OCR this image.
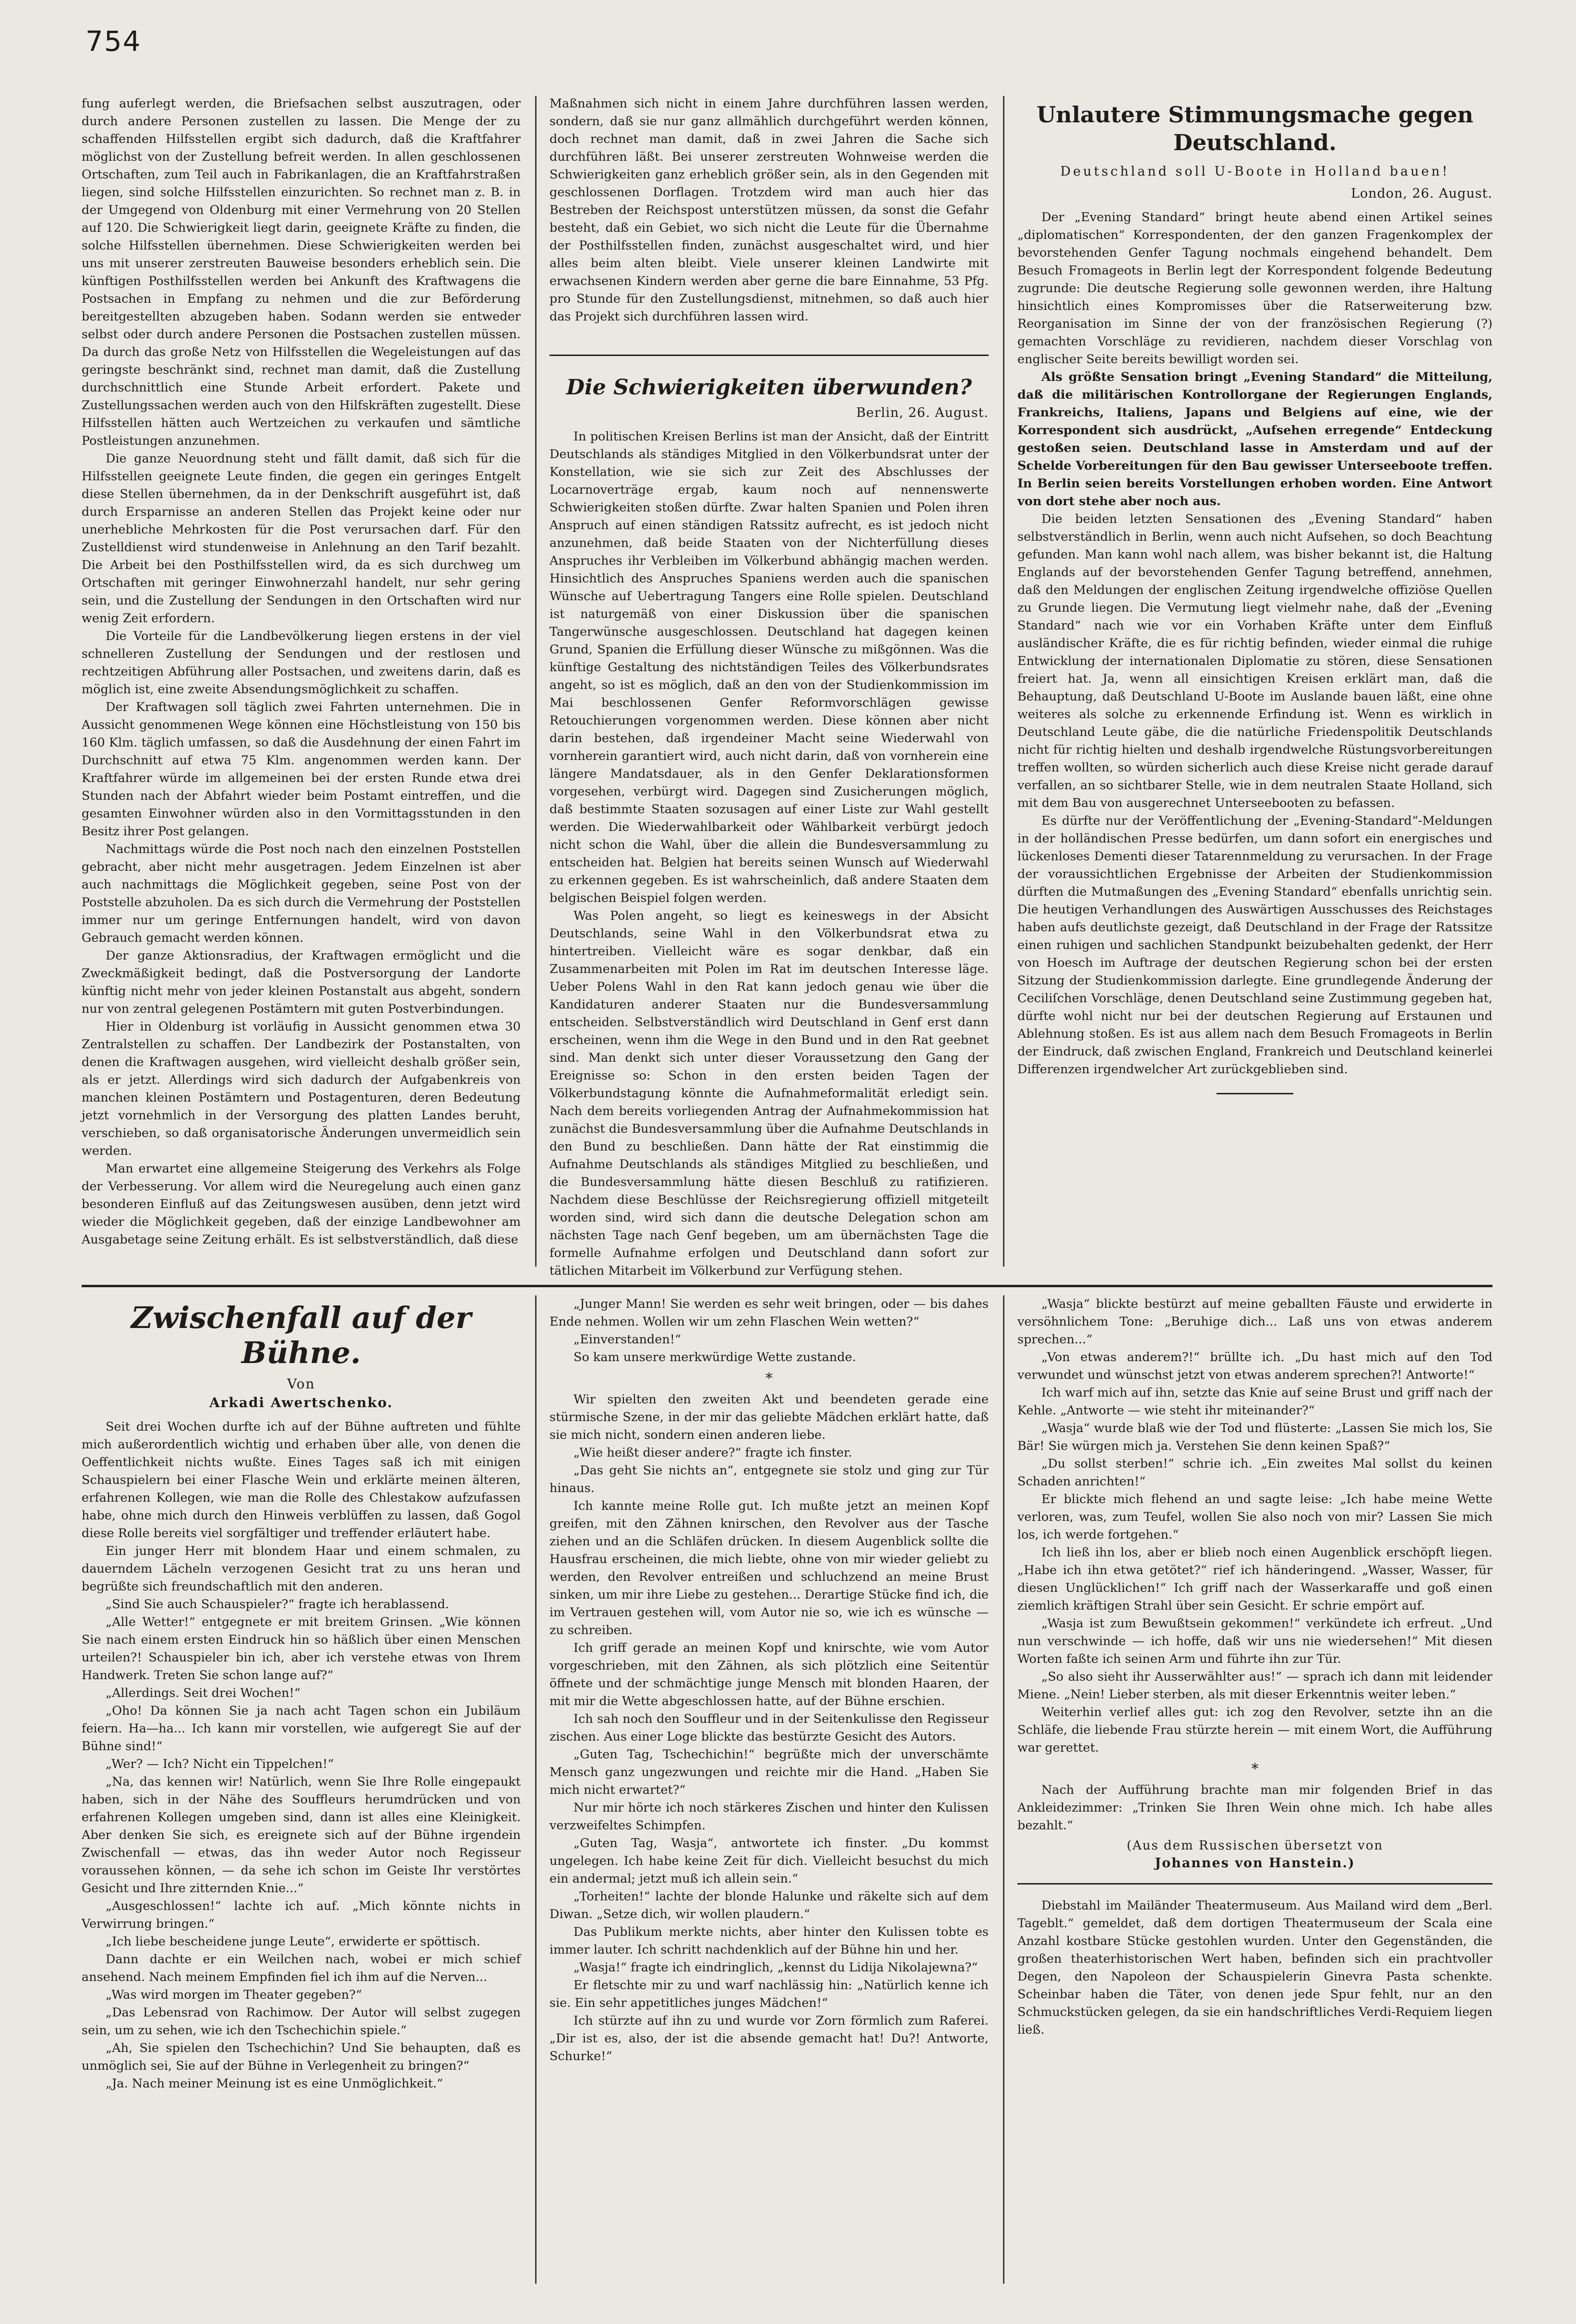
754

fung auferlegt werden, die Briefsachen selbst auszutragen, oder durch andere Personen zustellen zu lassen. Die Menge der zu schaffenden Hilfsstellen ergibt sich dadurch, daß die Kraftfahrer möglichst von der Zustellung befreit werden. In allen geschlossenen Ortschaften, zum Teil auch in Fabrikanlagen, die an Kraftfahrstraßen liegen, sind solche Hilfsstellen einzurichten. So rechnet man z. B. in der Umgegend von Oldenburg mit einer Vermehrung von 20 Stellen auf 120. Die Schwierigkeit liegt darin, geeignete Kräfte zu finden, die solche Hilfsstellen übernehmen. Diese Schwierigkeiten werden bei uns mit unserer zerstreuten Bauweise besonders erheblich sein. Die künftigen Posthilfsstellen werden bei Ankunft des Kraftwagens die Postsachen in Empfang zu nehmen und die zur Beförderung bereitgestellten abzugeben haben. Sodann werden sie entweder selbst oder durch andere Personen die Postsachen zustellen müssen. Da durch das große Netz von Hilfsstellen die Wegeleistungen auf das geringste beschränkt sind, rechnet man damit, daß die Zustellung durchschnittlich eine Stunde Arbeit erfordert. Pakete und Zustellungssachen werden auch von den Hilfskräften zugestellt. Diese Hilfsstellen hätten auch Wertzeichen zu verkaufen und sämtliche Postleistungen anzunehmen.

Die ganze Neuordnung steht und fällt damit, daß sich für die Hilfsstellen geeignete Leute finden, die gegen ein geringes Entgelt diese Stellen übernehmen, da in der Denkschrift ausgeführt ist, daß durch Ersparnisse an anderen Stellen das Projekt keine oder nur unerhebliche Mehrkosten für die Post verursachen darf. Für den Zustelldienst wird stundenweise in Anlehnung an den Tarif bezahlt. Die Arbeit bei den Posthilfsstellen wird, da es sich durchweg um Ortschaften mit geringer Einwohnerzahl handelt, nur sehr gering sein, und die Zustellung der Sendungen in den Ortschaften wird nur wenig Zeit erfordern.

Die Vorteile für die Landbevölkerung liegen erstens in der viel schnelleren Zustellung der Sendungen und der restlosen und rechtzeitigen Abführung aller Postsachen, und zweitens darin, daß es möglich ist, eine zweite Absendungsmöglichkeit zu schaffen.

Der Kraftwagen soll täglich zwei Fahrten unternehmen. Die in Aussicht genommenen Wege können eine Höchstleistung von 150 bis 160 Klm. täglich umfassen, so daß die Ausdehnung der einen Fahrt im Durchschnitt auf etwa 75 Klm. angenommen werden kann. Der Kraftfahrer würde im allgemeinen bei der ersten Runde etwa drei Stunden nach der Abfahrt wieder beim Postamt eintreffen, und die gesamten Einwohner würden also in den Vormittagsstunden in den Besitz ihrer Post gelangen.

Nachmittags würde die Post noch nach den einzelnen Poststellen gebracht, aber nicht mehr ausgetragen. Jedem Einzelnen ist aber auch nachmittags die Möglichkeit gegeben, seine Post von der Poststelle abzuholen. Da es sich durch die Vermehrung der Poststellen immer nur um geringe Entfernungen handelt, wird von davon Gebrauch gemacht werden können.

Der ganze Aktionsradius, der Kraftwagen ermöglicht und die Zweckmäßigkeit bedingt, daß die Postversorgung der Landorte künftig nicht mehr von jeder kleinen Postanstalt aus abgeht, sondern nur von zentral gelegenen Postämtern mit guten Postverbindungen.

Hier in Oldenburg ist vorläufig in Aussicht genommen etwa 30 Zentralstellen zu schaffen. Der Landbezirk der Postanstalten, von denen die Kraftwagen ausgehen, wird vielleicht deshalb größer sein, als er jetzt. Allerdings wird sich dadurch der Aufgabenkreis von manchen kleinen Postämtern und Postagenturen, deren Bedeutung jetzt vornehmlich in der Versorgung des platten Landes beruht, verschieben, so daß organisatorische Änderungen unvermeidlich sein werden.

Man erwartet eine allgemeine Steigerung des Verkehrs als Folge der Verbesserung. Vor allem wird die Neuregelung auch einen ganz besonderen Einfluß auf das Zeitungswesen ausüben, denn jetzt wird wieder die Möglichkeit gegeben, daß der einzige Landbewohner am Ausgabetage seine Zeitung erhält. Es ist selbstverständlich, daß diese

Maßnahmen sich nicht in einem Jahre durchführen lassen werden, sondern, daß sie nur ganz allmählich durchgeführt werden können, doch rechnet man damit, daß in zwei Jahren die Sache sich durchführen läßt. Bei unserer zerstreuten Wohnweise werden die Schwierigkeiten ganz erheblich größer sein, als in den Gegenden mit geschlossenen Dorflagen. Trotzdem wird man auch hier das Bestreben der Reichspost unterstützen müssen, da sonst die Gefahr besteht, daß ein Gebiet, wo sich nicht die Leute für die Übernahme der Posthilfsstellen finden, zunächst ausgeschaltet wird, und hier alles beim alten bleibt. Viele unserer kleinen Landwirte mit erwachsenen Kindern werden aber gerne die bare Einnahme, 53 Pfg. pro Stunde für den Zustellungsdienst, mitnehmen, so daß auch hier das Projekt sich durchführen lassen wird.

Die Schwierigkeiten überwunden?
Berlin, 26. August.

In politischen Kreisen Berlins ist man der Ansicht, daß der Eintritt Deutschlands als ständiges Mitglied in den Völkerbundsrat unter der Konstellation, wie sie sich zur Zeit des Abschlusses der Locarnoverträge ergab, kaum noch auf nennenswerte Schwierigkeiten stoßen dürfte. Zwar halten Spanien und Polen ihren Anspruch auf einen ständigen Ratssitz aufrecht, es ist jedoch nicht anzunehmen, daß beide Staaten von der Nichterfüllung dieses Anspruches ihr Verbleiben im Völkerbund abhängig machen werden. Hinsichtlich des Anspruches Spaniens werden auch die spanischen Wünsche auf Uebertragung Tangers eine Rolle spielen. Deutschland ist naturgemäß von einer Diskussion über die spanischen Tangerwünsche ausgeschlossen. Deutschland hat dagegen keinen Grund, Spanien die Erfüllung dieser Wünsche zu mißgönnen. Was die künftige Gestaltung des nichtständigen Teiles des Völkerbundsrates angeht, so ist es möglich, daß an den von der Studienkommission im Mai beschlossenen Genfer Reformvorschlägen gewisse Retouchierungen vorgenommen werden. Diese können aber nicht darin bestehen, daß irgendeiner Macht seine Wiederwahl von vornherein garantiert wird, auch nicht darin, daß von vornherein eine längere Mandatsdauer, als in den Genfer Deklarationsformen vorgesehen, verbürgt wird. Dagegen sind Zusicherungen möglich, daß bestimmte Staaten sozusagen auf einer Liste zur Wahl gestellt werden. Die Wiederwahlbarkeit oder Wählbarkeit verbürgt jedoch nicht schon die Wahl, über die allein die Bundesversammlung zu entscheiden hat. Belgien hat bereits seinen Wunsch auf Wiederwahl zu erkennen gegeben. Es ist wahrscheinlich, daß andere Staaten dem belgischen Beispiel folgen werden.

Was Polen angeht, so liegt es keineswegs in der Absicht Deutschlands, seine Wahl in den Völkerbundsrat etwa zu hintertreiben. Vielleicht wäre es sogar denkbar, daß ein Zusammenarbeiten mit Polen im Rat im deutschen Interesse läge. Ueber Polens Wahl in den Rat kann jedoch genau wie über die Kandidaturen anderer Staaten nur die Bundesversammlung entscheiden. Selbstverständlich wird Deutschland in Genf erst dann erscheinen, wenn ihm die Wege in den Bund und in den Rat geebnet sind. Man denkt sich unter dieser Voraussetzung den Gang der Ereignisse so: Schon in den ersten beiden Tagen der Völkerbundstagung könnte die Aufnahmeformalität erledigt sein. Nach dem bereits vorliegenden Antrag der Aufnahmekommission hat zunächst die Bundesversammlung über die Aufnahme Deutschlands in den Bund zu beschließen. Dann hätte der Rat einstimmig die Aufnahme Deutschlands als ständiges Mitglied zu beschließen, und die Bundesversammlung hätte diesen Beschluß zu ratifizieren. Nachdem diese Beschlüsse der Reichsregierung offiziell mitgeteilt worden sind, wird sich dann die deutsche Delegation schon am nächsten Tage nach Genf begeben, um am übernächsten Tage die formelle Aufnahme erfolgen und Deutschland dann sofort zur tätlichen Mitarbeit im Völkerbund zur Verfügung stehen.

Unlautere Stimmungsmache gegen Deutschland.
Deutschland soll U-Boote in Holland bauen!
London, 26. August.

Der „Evening Standard“ bringt heute abend einen Artikel seines „diplomatischen“ Korrespondenten, der den ganzen Fragenkomplex der bevorstehenden Genfer Tagung nochmals eingehend behandelt. Dem Besuch Fromageots in Berlin legt der Korrespondent folgende Bedeutung zugrunde: Die deutsche Regierung solle gewonnen werden, ihre Haltung hinsichtlich eines Kompromisses über die Ratserweiterung bzw. Reorganisation im Sinne der von der französischen Regierung (?) gemachten Vorschläge zu revidieren, nachdem dieser Vorschlag von englischer Seite bereits bewilligt worden sei.

Als größte Sensation bringt „Evening Standard“ die Mitteilung, daß die militärischen Kontrollorgane der Regierungen Englands, Frankreichs, Italiens, Japans und Belgiens auf eine, wie der Korrespondent sich ausdrückt, „Aufsehen erregende“ Entdeckung gestoßen seien. Deutschland lasse in Amsterdam und auf der Schelde Vorbereitungen für den Bau gewisser Unterseeboote treffen. In Berlin seien bereits Vorstellungen erhoben worden. Eine Antwort von dort stehe aber noch aus.

Die beiden letzten Sensationen des „Evening Standard“ haben selbstverständlich in Berlin, wenn auch nicht Aufsehen, so doch Beachtung gefunden. Man kann wohl nach allem, was bisher bekannt ist, die Haltung Englands auf der bevorstehenden Genfer Tagung betreffend, annehmen, daß den Meldungen der englischen Zeitung irgendwelche offiziöse Quellen zu Grunde liegen. Die Vermutung liegt vielmehr nahe, daß der „Evening Standard“ nach wie vor ein Vorhaben Kräfte unter dem Einfluß ausländischer Kräfte, die es für richtig befinden, wieder einmal die ruhige Entwicklung der internationalen Diplomatie zu stören, diese Sensationen freiert hat. Ja, wenn all einsichtigen Kreisen erklärt man, daß die Behauptung, daß Deutschland U-Boote im Auslande bauen läßt, eine ohne weiteres als solche zu erkennende Erfindung ist. Wenn es wirklich in Deutschland Leute gäbe, die die natürliche Friedenspolitik Deutschlands nicht für richtig hielten und deshalb irgendwelche Rüstungsvorbereitungen treffen wollten, so würden sicherlich auch diese Kreise nicht gerade darauf verfallen, an so sichtbarer Stelle, wie in dem neutralen Staate Holland, sich mit dem Bau von ausgerechnet Unterseebooten zu befassen.

Es dürfte nur der Veröffentlichung der „Evening-Standard“-Meldungen in der holländischen Presse bedürfen, um dann sofort ein energisches und lückenloses Dementi dieser Tatarennmeldung zu verursachen. In der Frage der voraussichtlichen Ergebnisse der Arbeiten der Studienkommission dürften die Mutmaßungen des „Evening Standard“ ebenfalls unrichtig sein. Die heutigen Verhandlungen des Auswärtigen Ausschusses des Reichstages haben aufs deutlichste gezeigt, daß Deutschland in der Frage der Ratssitze einen ruhigen und sachlichen Standpunkt beizubehalten gedenkt, der Herr von Hoesch im Auftrage der deutschen Regierung schon bei der ersten Sitzung der Studienkommission darlegte. Eine grundlegende Änderung der Ceciliſchen Vorschläge, denen Deutschland seine Zustimmung gegeben hat, dürfte wohl nicht nur bei der deutschen Regierung auf Erstaunen und Ablehnung stoßen. Es ist aus allem nach dem Besuch Fromageots in Berlin der Eindruck, daß zwischen England, Frankreich und Deutschland keinerlei Differenzen irgendwelcher Art zurückgeblieben sind.

Zwischenfall auf der Bühne.
Von
Arkadi Awertschenko.

Seit drei Wochen durfte ich auf der Bühne auftreten und fühlte mich außerordentlich wichtig und erhaben über alle, von denen die Oeffentlichkeit nichts wußte. Eines Tages saß ich mit einigen Schauspielern bei einer Flasche Wein und erklärte meinen älteren, erfahrenen Kollegen, wie man die Rolle des Chlestakow aufzufassen habe, ohne mich durch den Hinweis verblüffen zu lassen, daß Gogol diese Rolle bereits viel sorgfältiger und treffender erläutert habe.

Ein junger Herr mit blondem Haar und einem schmalen, zu dauerndem Lächeln verzogenen Gesicht trat zu uns heran und begrüßte sich freundschaftlich mit den anderen.

„Sind Sie auch Schauspieler?“ fragte ich herablassend.

„Alle Wetter!“ entgegnete er mit breitem Grinsen. „Wie können Sie nach einem ersten Eindruck hin so häßlich über einen Menschen urteilen?! Schauspieler bin ich, aber ich verstehe etwas von Ihrem Handwerk. Treten Sie schon lange auf?“

„Allerdings. Seit drei Wochen!“

„Oho! Da können Sie ja nach acht Tagen schon ein Jubiläum feiern. Ha—ha... Ich kann mir vorstellen, wie aufgeregt Sie auf der Bühne sind!“

„Wer? — Ich? Nicht ein Tippelchen!“

„Na, das kennen wir! Natürlich, wenn Sie Ihre Rolle eingepaukt haben, sich in der Nähe des Souffleurs herumdrücken und von erfahrenen Kollegen umgeben sind, dann ist alles eine Kleinigkeit. Aber denken Sie sich, es ereignete sich auf der Bühne irgendein Zwischenfall — etwas, das ihn weder Autor noch Regisseur voraussehen können, — da sehe ich schon im Geiste Ihr verstörtes Gesicht und Ihre zitternden Knie...“

„Ausgeschlossen!“ lachte ich auf. „Mich könnte nichts in Verwirrung bringen.“

„Ich liebe bescheidene junge Leute“, erwiderte er spöttisch.

Dann dachte er ein Weilchen nach, wobei er mich schief ansehend. Nach meinem Empfinden fiel ich ihm auf die Nerven...

„Was wird morgen im Theater gegeben?“

„Das Lebensrad von Rachimow. Der Autor will selbst zugegen sein, um zu sehen, wie ich den Tschechichin spiele.“

„Ah, Sie spielen den Tschechichin? Und Sie behaupten, daß es unmöglich sei, Sie auf der Bühne in Verlegenheit zu bringen?“

„Ja. Nach meiner Meinung ist es eine Unmöglichkeit.“

„Junger Mann! Sie werden es sehr weit bringen, oder — bis dahes Ende nehmen. Wollen wir um zehn Flaschen Wein wetten?“

„Einverstanden!“

So kam unsere merkwürdige Wette zustande.

*

Wir spielten den zweiten Akt und beendeten gerade eine stürmische Szene, in der mir das geliebte Mädchen erklärt hatte, daß sie mich nicht, sondern einen anderen liebe.

„Wie heißt dieser andere?“ fragte ich finster.

„Das geht Sie nichts an“, entgegnete sie stolz und ging zur Tür hinaus.

Ich kannte meine Rolle gut. Ich mußte jetzt an meinen Kopf greifen, mit den Zähnen knirschen, den Revolver aus der Tasche ziehen und an die Schläfen drücken. In diesem Augenblick sollte die Hausfrau erscheinen, die mich liebte, ohne von mir wieder geliebt zu werden, den Revolver entreißen und schluchzend an meine Brust sinken, um mir ihre Liebe zu gestehen... Derartige Stücke find ich, die im Vertrauen gestehen will, vom Autor nie so, wie ich es wünsche — zu schreiben.

Ich griff gerade an meinen Kopf und knirschte, wie vom Autor vorgeschrieben, mit den Zähnen, als sich plötzlich eine Seitentür öffnete und der schmächtige junge Mensch mit blonden Haaren, der mit mir die Wette abgeschlossen hatte, auf der Bühne erschien.

Ich sah noch den Souffleur und in der Seitenkulisse den Regisseur zischen. Aus einer Loge blickte das bestürzte Gesicht des Autors.

„Guten Tag, Tschechichin!“ begrüßte mich der unverschämte Mensch ganz ungezwungen und reichte mir die Hand. „Haben Sie mich nicht erwartet?“

Nur mir hörte ich noch stärkeres Zischen und hinter den Kulissen verzweifeltes Schimpfen.

„Guten Tag, Wasja“, antwortete ich finster. „Du kommst ungelegen. Ich habe keine Zeit für dich. Vielleicht besuchst du mich ein andermal; jetzt muß ich allein sein.“

„Torheiten!“ lachte der blonde Halunke und räkelte sich auf dem Diwan. „Setze dich, wir wollen plaudern.“

Das Publikum merkte nichts, aber hinter den Kulissen tobte es immer lauter. Ich schritt nachdenklich auf der Bühne hin und her.

„Wasja!“ fragte ich eindringlich, „kennst du Lidija Nikolajewna?“

Er fletschte mir zu und warf nachlässig hin: „Natürlich kenne ich sie. Ein sehr appetitliches junges Mädchen!“

Ich stürzte auf ihn zu und wurde vor Zorn förmlich zum Raferei. „Dir ist es, also, der ist die absende gemacht hat! Du?! Antworte, Schurke!“

„Wasja“ blickte bestürzt auf meine geballten Fäuste und erwiderte in versöhnlichem Tone: „Beruhige dich... Laß uns von etwas anderem sprechen...“

„Von etwas anderem?!“ brüllte ich. „Du hast mich auf den Tod verwundet und wünschst jetzt von etwas anderem sprechen?! Antworte!“

Ich warf mich auf ihn, setzte das Knie auf seine Brust und griff nach der Kehle. „Antworte — wie steht ihr miteinander?“

„Wasja“ wurde blaß wie der Tod und flüsterte: „Lassen Sie mich los, Sie Bär! Sie würgen mich ja. Verstehen Sie denn keinen Spaß?“

„Du sollst sterben!“ schrie ich. „Ein zweites Mal sollst du keinen Schaden anrichten!“

Er blickte mich flehend an und sagte leise: „Ich habe meine Wette verloren, was, zum Teufel, wollen Sie also noch von mir? Lassen Sie mich los, ich werde fortgehen.“

Ich ließ ihn los, aber er blieb noch einen Augenblick erschöpft liegen. „Habe ich ihn etwa getötet?“ rief ich händeringend. „Wasser, Wasser, für diesen Unglücklichen!“ Ich griff nach der Wasserkaraffe und goß einen ziemlich kräftigen Strahl über sein Gesicht. Er schrie empört auf.

„Wasja ist zum Bewußtsein gekommen!“ verkündete ich erfreut. „Und nun verschwinde — ich hoffe, daß wir uns nie wiedersehen!“ Mit diesen Worten faßte ich seinen Arm und führte ihn zur Tür.

„So also sieht ihr Ausserwählter aus!“ — sprach ich dann mit leidender Miene. „Nein! Lieber sterben, als mit dieser Erkenntnis weiter leben.“

Weiterhin verlief alles gut: ich zog den Revolver, setzte ihn an die Schläfe, die liebende Frau stürzte herein — mit einem Wort, die Aufführung war gerettet.

*

Nach der Aufführung brachte man mir folgenden Brief in das Ankleidezimmer: „Trinken Sie Ihren Wein ohne mich. Ich habe alles bezahlt.“

(Aus dem Russischen übersetzt von
Johannes von Hanstein.)

Diebstahl im Mailänder Theatermuseum. Aus Mailand wird dem „Berl. Tageblt.“ gemeldet, daß dem dortigen Theatermuseum der Scala eine Anzahl kostbare Stücke gestohlen wurden. Unter den Gegenständen, die großen theaterhistorischen Wert haben, befinden sich ein prachtvoller Degen, den Napoleon der Schauspielerin Ginevra Pasta schenkte. Scheinbar haben die Täter, von denen jede Spur fehlt, nur an den Schmuckstücken gelegen, da sie ein handschriftliches Verdi-Requiem liegen ließ.
